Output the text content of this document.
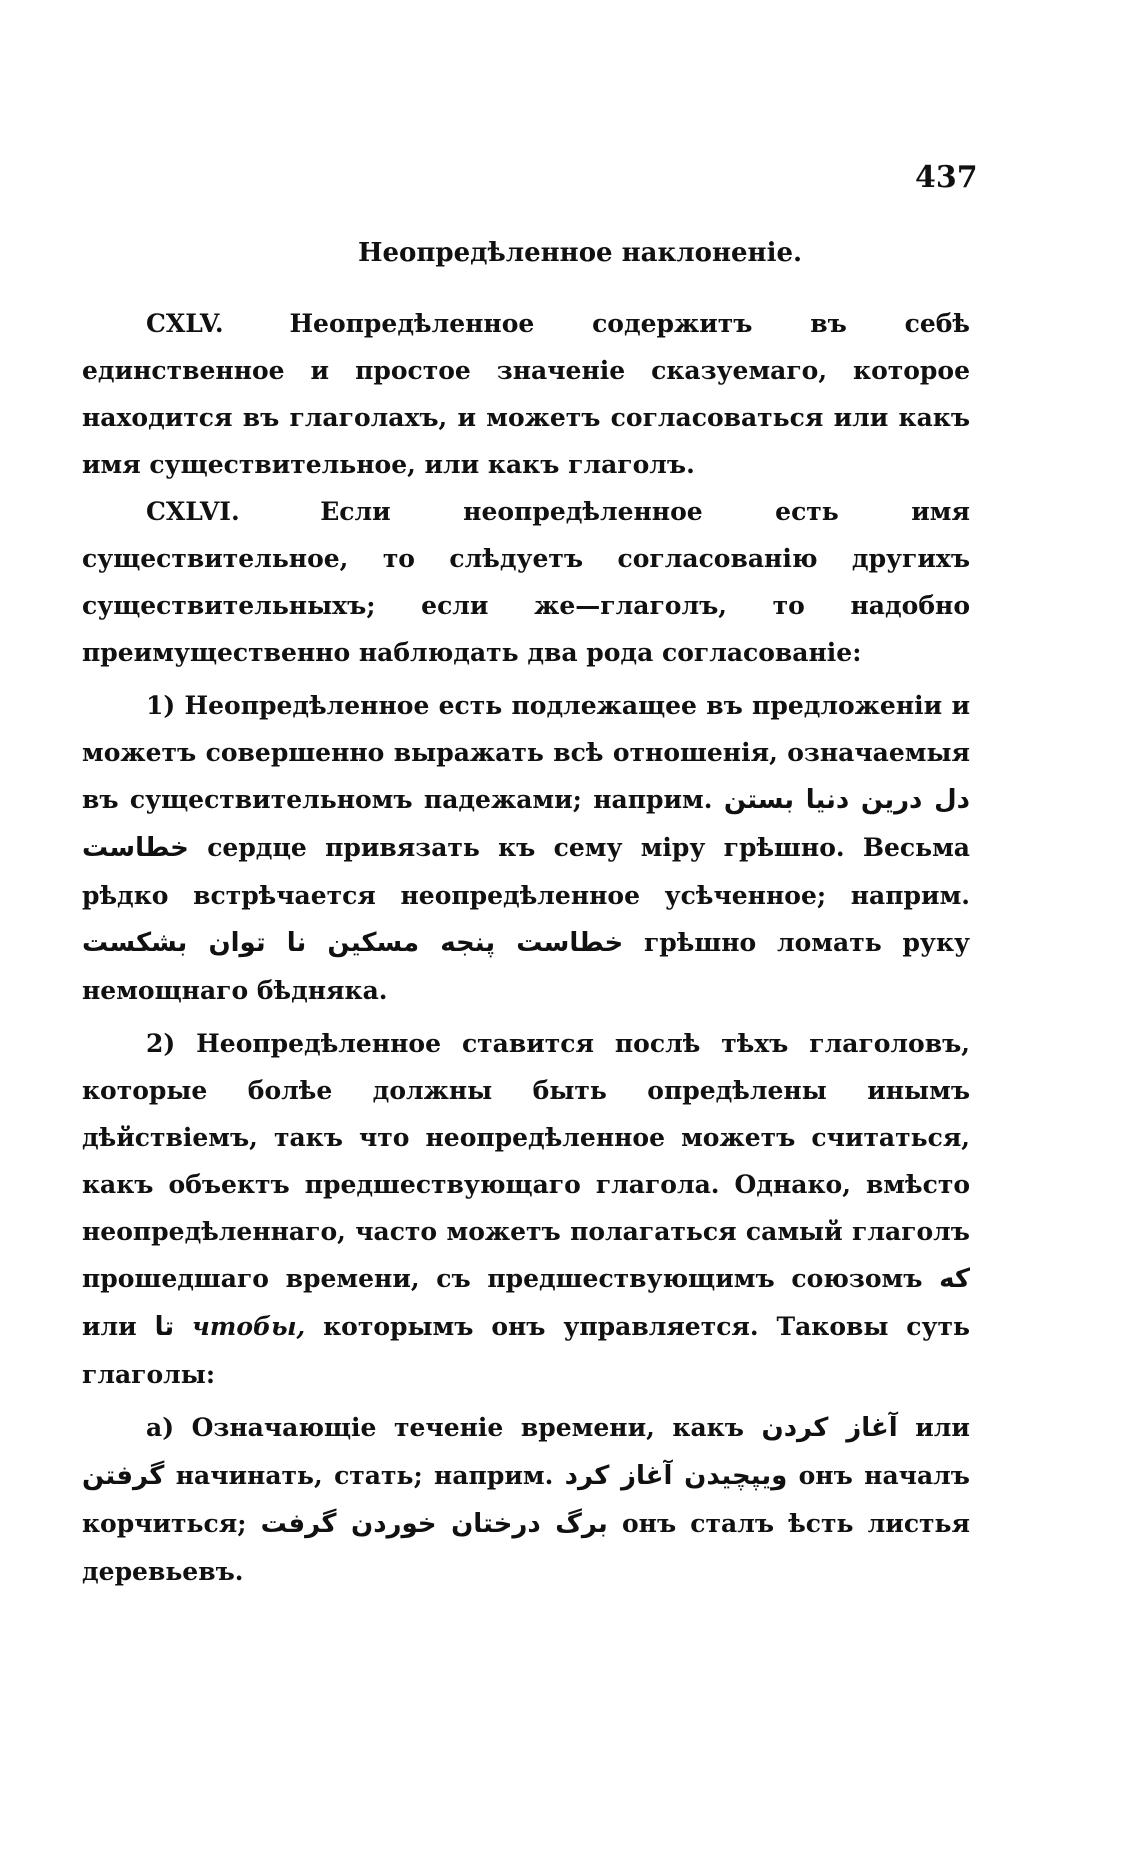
437
Неопредѣленное наклоненіе.

CXLV.	Неопредѣленное содержитъ въ себѣ единственное и простое значеніе сказуемаго, которое находится въ глаголахъ, и можетъ согласоваться или какъ имя существительное, или какъ глаголъ.

CXLVI.	Если неопредѣленное есть имя существительное, то слѣдуетъ согласованію другихъ существительныхъ; если же—глаголъ, то надобно преимущественно наблюдать два рода согласованіе:

1) Неопредѣленное есть подлежащее въ предложеніи и можетъ совершенно выражать всѣ отношенія, означаемыя въ существительномъ падежами; наприм. دل درين دنيا بستن خطاست сердце привязать къ сему міру грѣшно. Весьма рѣдко встрѣчается неопредѣленное усѣченное; наприм. خطاست پنجه مسکين نا توان بشکست грѣшно ломать руку немощнаго бѣдняка.

2) Неопредѣленное ставится послѣ тѣхъ глаголовъ, которые болѣе должны быть опредѣлены инымъ дѣйствіемъ, такъ что неопредѣленное можетъ считаться, какъ объектъ предшествующаго глагола. Однако, вмѣсто неопредѣленнаго, часто можетъ полагаться самый глаголъ прошедшаго времени, съ предшествующимъ союзомъ که или تا чтобы, которымъ онъ управляется. Таковы суть глаголы:

a) Означающіе теченіе времени, какъ آغاز کردن или گرفتن начинать, стать; наприм. ويپچيدن آغاز كرد онъ началъ корчиться; برگ درختان خوردن گرفت онъ сталъ ѣсть листья деревьевъ.
